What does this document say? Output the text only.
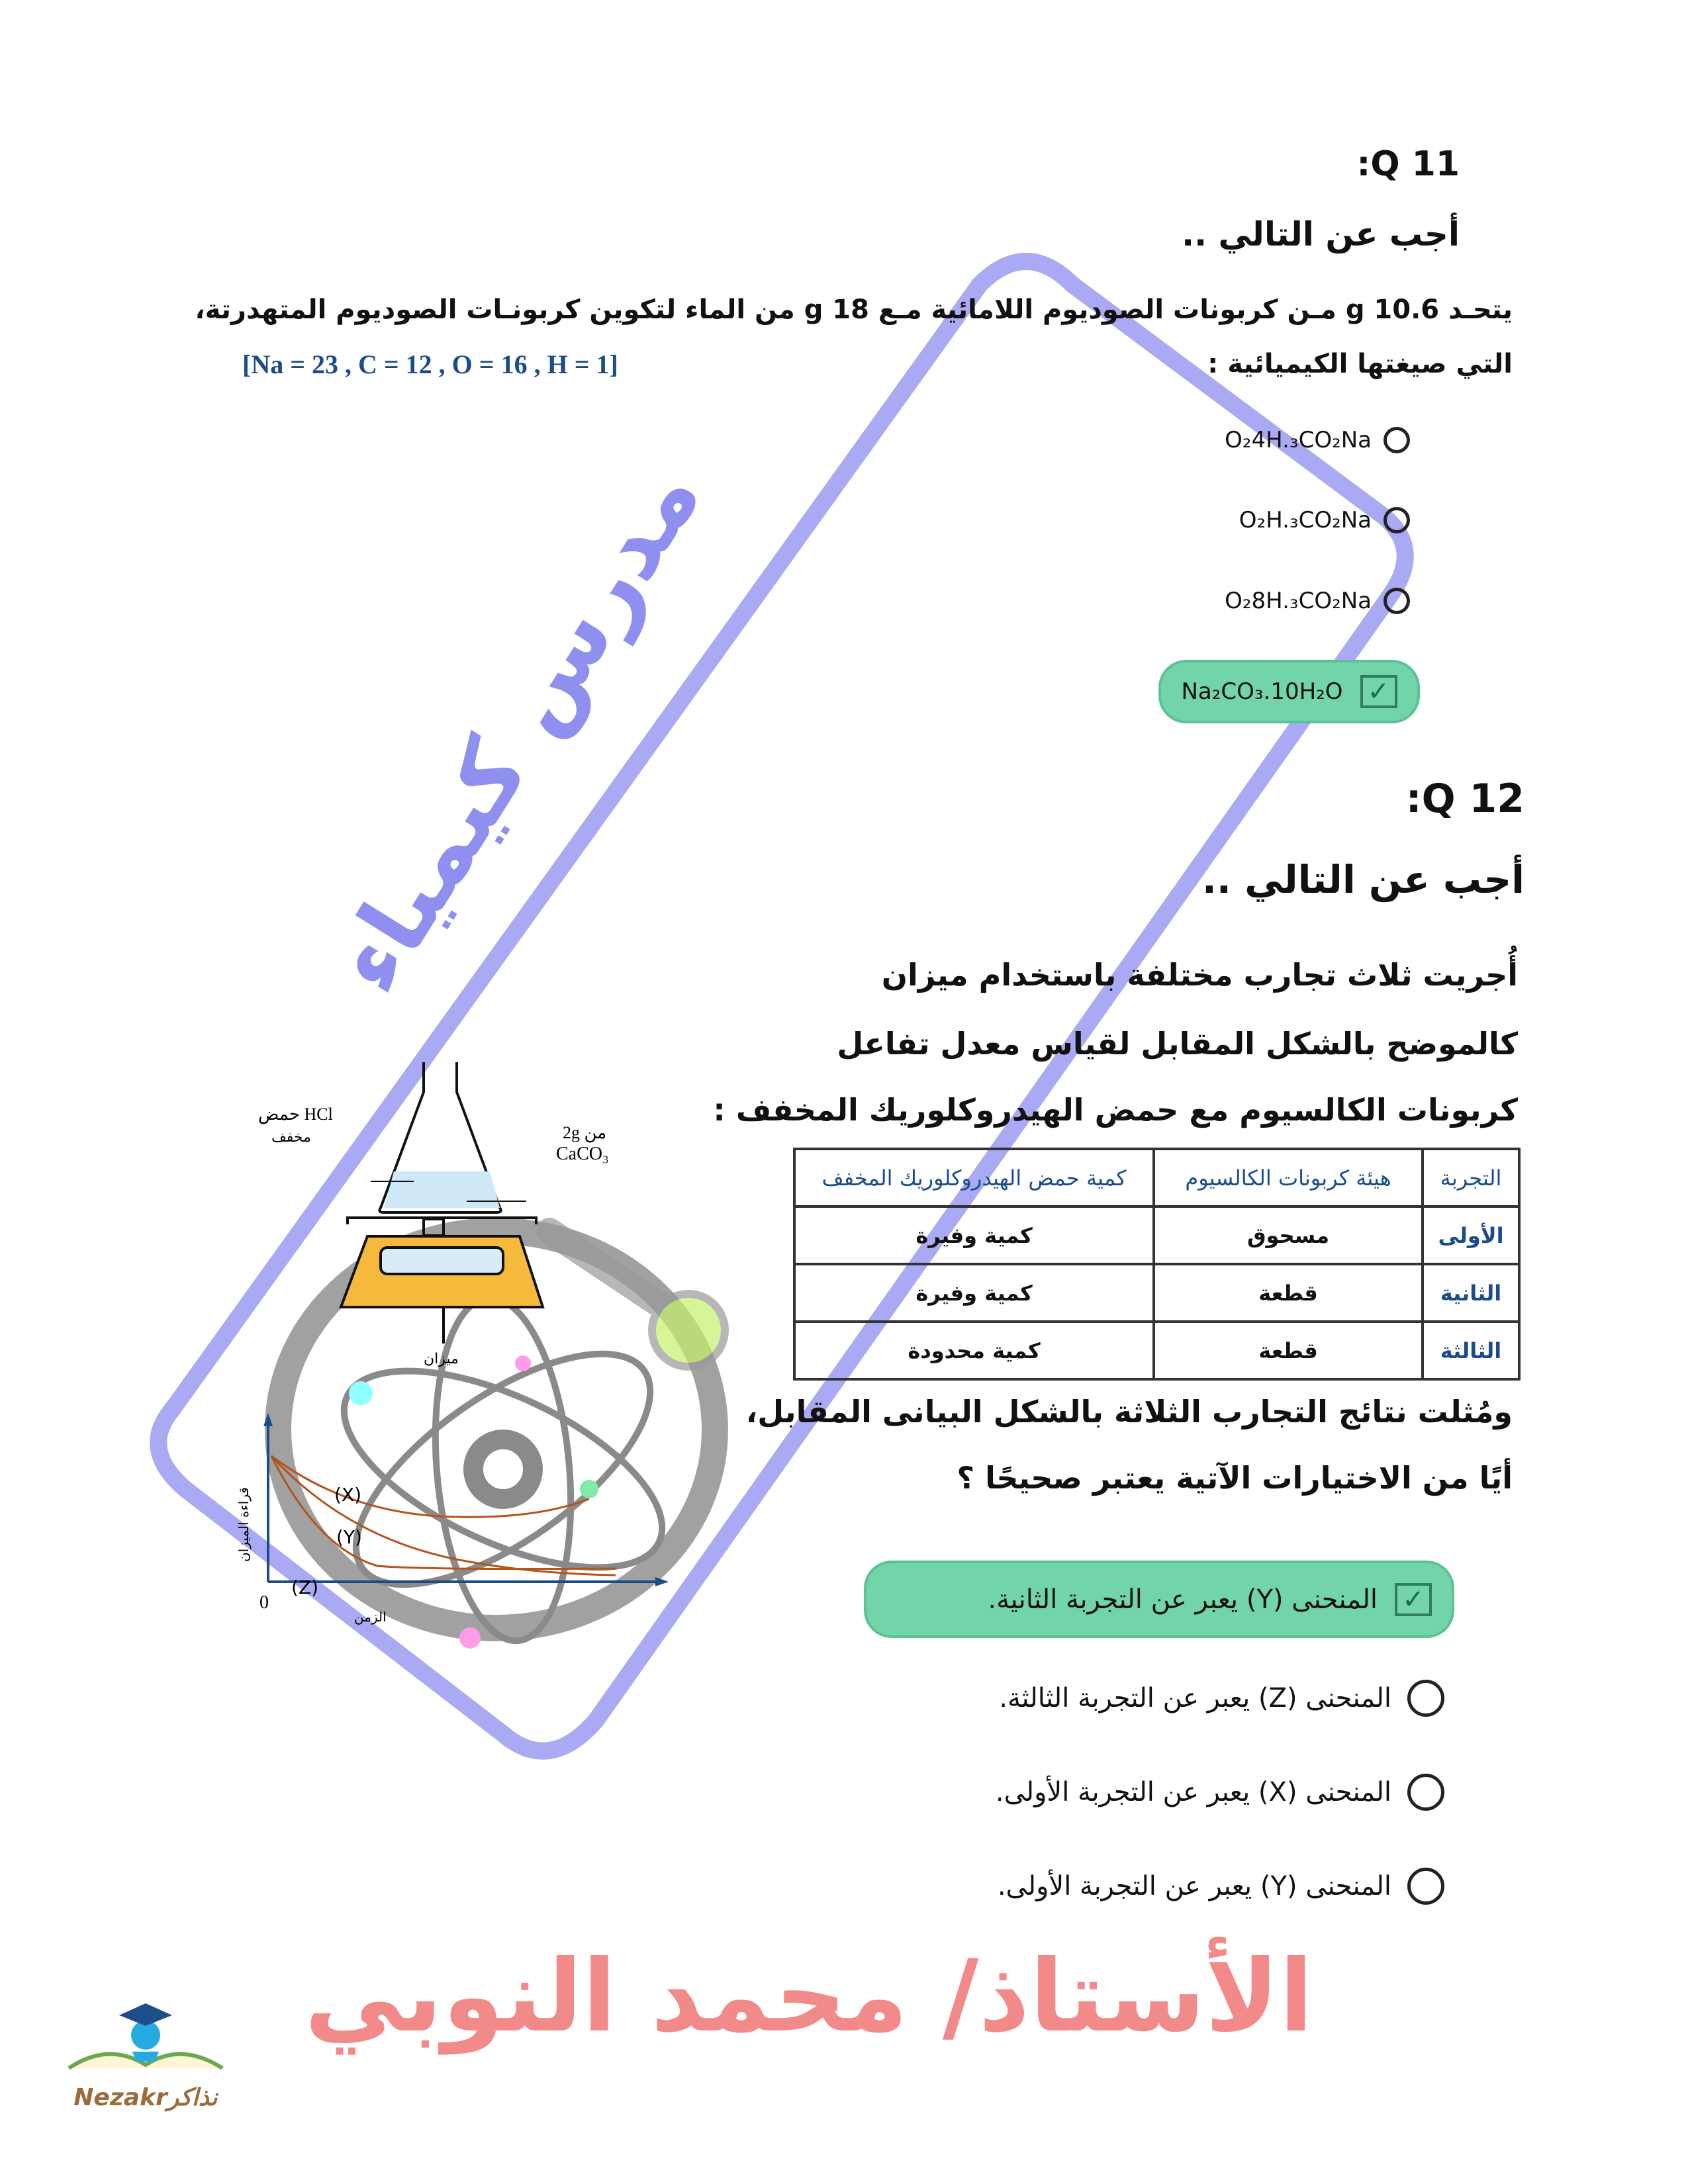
الأستاذ/ محمد النوبي
مدرس كيمياء
:Q 11
أجب عن التالي ..
يتحـد 10.6 g مـن كربونات الصوديوم اللامائية مـع 18 g من الماء لتكوين كربونـات الصوديوم المتهدرتة،
التي صيغتها الكيميائية :
[Na = 23 , C = 12 , O = 16 , H = 1]
O₂4H.₃CO₂Na
O₂H.₃CO₂Na
O₂8H.₃CO₂Na
Na₂CO₃.10H₂O ✓
:Q 12
أجب عن التالي ..
أُجريت ثلاث تجارب مختلفة باستخدام ميزان
كالموضح بالشكل المقابل لقياس معدل تفاعل
كربونات الكالسيوم مع حمض الهيدروكلوريك المخفف :
التجربة	هيئة كربونات الكالسيوم	كمية حمض الهيدروكلوريك المخفف
الأولى	مسحوق	كمية وفيرة
الثانية	قطعة	كمية وفيرة
الثالثة	قطعة	كمية محدودة
ومُثلت نتائج التجارب الثلاثة بالشكل البيانى المقابل،
أيًا من الاختيارات الآتية يعتبر صحيحًا ؟
✓
المنحنى (Y) يعبر عن التجربة الثانية.
المنحنى (Z) يعبر عن التجربة الثالثة.
المنحنى (X) يعبر عن التجربة الأولى.
المنحنى (Y) يعبر عن التجربة الأولى.
حمض HCl
مخفف	2g من
CaCO₃
ميزان
(X)
(Y)
(Z)
0
الزمن
قراءة الميزان
Nezakrنذاكر
